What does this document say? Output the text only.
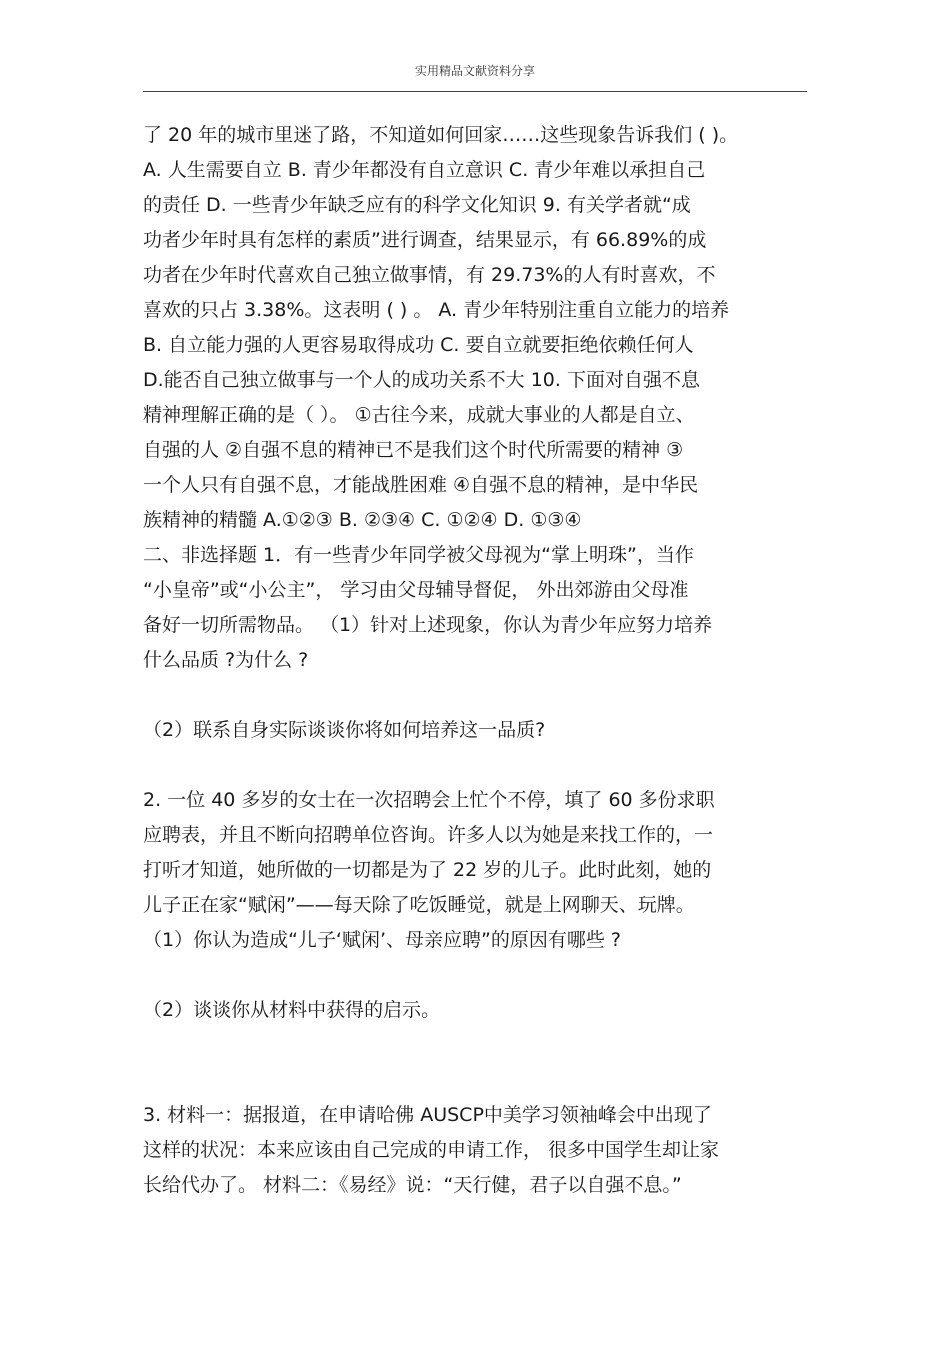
实用精品文献资料分享
了 20 年的城市里迷了路，不知道如何回家……这些现象告诉我们 ( )。
A. 人生需要自立 B. 青少年都没有自立意识 C. 青少年难以承担自己
的责任 D. 一些青少年缺乏应有的科学文化知识 9. 有关学者就“成
功者少年时具有怎样的素质”进行调查，结果显示，有 66.89%的成
功者在少年时代喜欢自己独立做事情，有 29.73%的人有时喜欢，不
喜欢的只占 3.38%。这表明 ( ) 。 A. 青少年特别注重自立能力的培养
B. 自立能力强的人更容易取得成功 C. 要自立就要拒绝依赖任何人
D.能否自己独立做事与一个人的成功关系不大 10. 下面对自强不息
精神理解正确的是（ ）。 ①古往今来，成就大事业的人都是自立、
自强的人 ②自强不息的精神已不是我们这个时代所需要的精神 ③
一个人只有自强不息，才能战胜困难 ④自强不息的精神，是中华民
族精神的精髓 A.①②③ B. ②③④ C. ①②④ D. ①③④
二、非选择题 1．有一些青少年同学被父母视为“掌上明珠”，当作
“小皇帝”或“小公主”， 学习由父母辅导督促， 外出郊游由父母准
备好一切所需物品。 （1）针对上述现象，你认为青少年应努力培养
什么品质 ?为什么 ?
（2）联系自身实际谈谈你将如何培养这一品质?
2. 一位 40 多岁的女士在一次招聘会上忙个不停，填了 60 多份求职
应聘表，并且不断向招聘单位咨询。许多人以为她是来找工作的，一
打听才知道，她所做的一切都是为了 22 岁的儿子。此时此刻，她的
儿子正在家“赋闲”——每天除了吃饭睡觉，就是上网聊天、玩牌。
（1）你认为造成“儿子‘赋闲’、母亲应聘”的原因有哪些 ?
（2）谈谈你从材料中获得的启示。
3. 材料一：据报道，在申请哈佛 AUSCP中美学习领袖峰会中出现了
这样的状况：本来应该由自己完成的申请工作， 很多中国学生却让家
长给代办了。 材料二：《易经》说：“天行健，君子以自强不息。”
